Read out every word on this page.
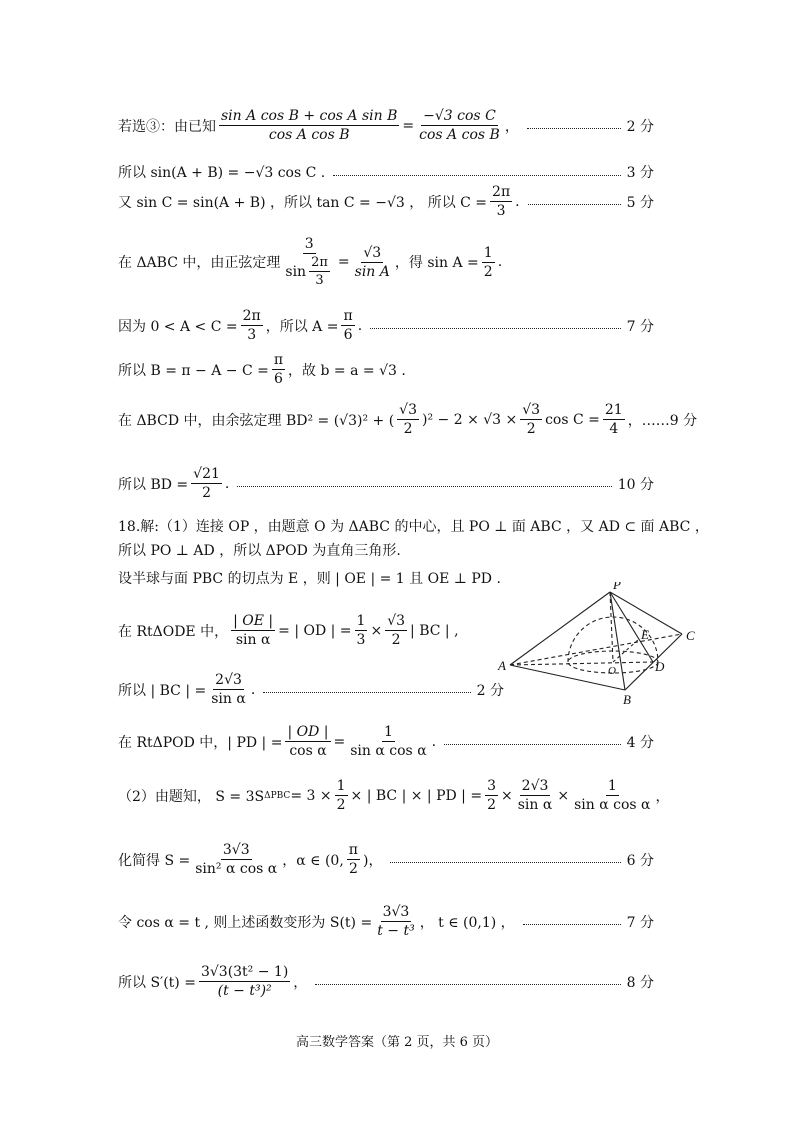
若选③：由已知 $\frac{\text{sin A cos B + cos A sin B}}{\text{cos A cos B}} = \frac{\text{−√3 cos C}}{\text{cos A cos B}}$ ，	2 分
所以 sin(A + B) = −√3 cos C .	3 分
又 sin C = sin(A + B) ，所以 tan C = −√3 ， 所以 $C = \frac{2\pi}{3}$ .	5 分
在 ΔABC 中，由正弦定理 $\frac{3}{\sin \frac{2\pi}{3}} = \frac{√3}{\text{sin A}}$ ，得 $\sin A = \frac{1}{2}$ .
因为 $0 < A < C = \frac{2\pi}{3}$ ，所以 $A = \frac{\pi}{6}$ .	7 分
所以 $B = \pi - A - C = \frac{\pi}{6}$ ，故 b = a = √3 .
在 ΔBCD 中，由余弦定理 BD² = (√3)² + ( $\frac{√3}{2} )^2 - 2 \times √3 \times \frac{√3}{2}$ $\cos C = \frac{21}{4}$ ，…… 9 分
所以 BD = $\frac{√21}{2}$ .	10 分
18.解:（1）连接 OP ，由题意 O 为 ΔABC 的中心，且 PO ⊥ 面 ABC ，又 AD ⊂ 面 ABC ，
所以 PO ⊥ AD ，所以 ΔPOD 为直角三角形.
设半球与面 PBC 的切点为 E ，则 | OE | = 1 且 OE ⊥ PD .
在 RtΔODE 中， $\frac{| OE |}{\text{sin α}}$ = | OD | = $\frac{1}{3} \times \frac{√3}{2}$ | BC | ,
所以 | BC | = $\frac{2√3}{\text{sin α}}$ .	2 分
在 RtΔPOD 中，| PD | = $\frac{| OD |}{\text{cos α}} = \frac{1}{\text{sin α cos α}}$ .	4 分
（2）由题知， S = 3S $\Delta PBC = 3 \times \frac{1}{2}$ × | BC | × | PD | = $\frac{3}{2} \times \frac{2√3}{\text{sin α}} \times \frac{1}{\text{sin α cos α}}$ ，
化简得 $S = \frac{3√3}{\text{sin² α cos α}}$ ，α ∈ (0, $\frac{\pi}{2}$ )，	6 分
令 cos α = t , 则上述函数变形为 $S(t) = \frac{3√3}{\text{t − t³}}$ ， t ∈ (0,1) ，	7 分
所以 $S'(t) = \frac{\text{3√3(3t² − 1)}}{\text{(t − t³)²}}$ ，	8 分
P
A
B
C
D
E
O
高三数学答案（第 2 页，共 6 页）
